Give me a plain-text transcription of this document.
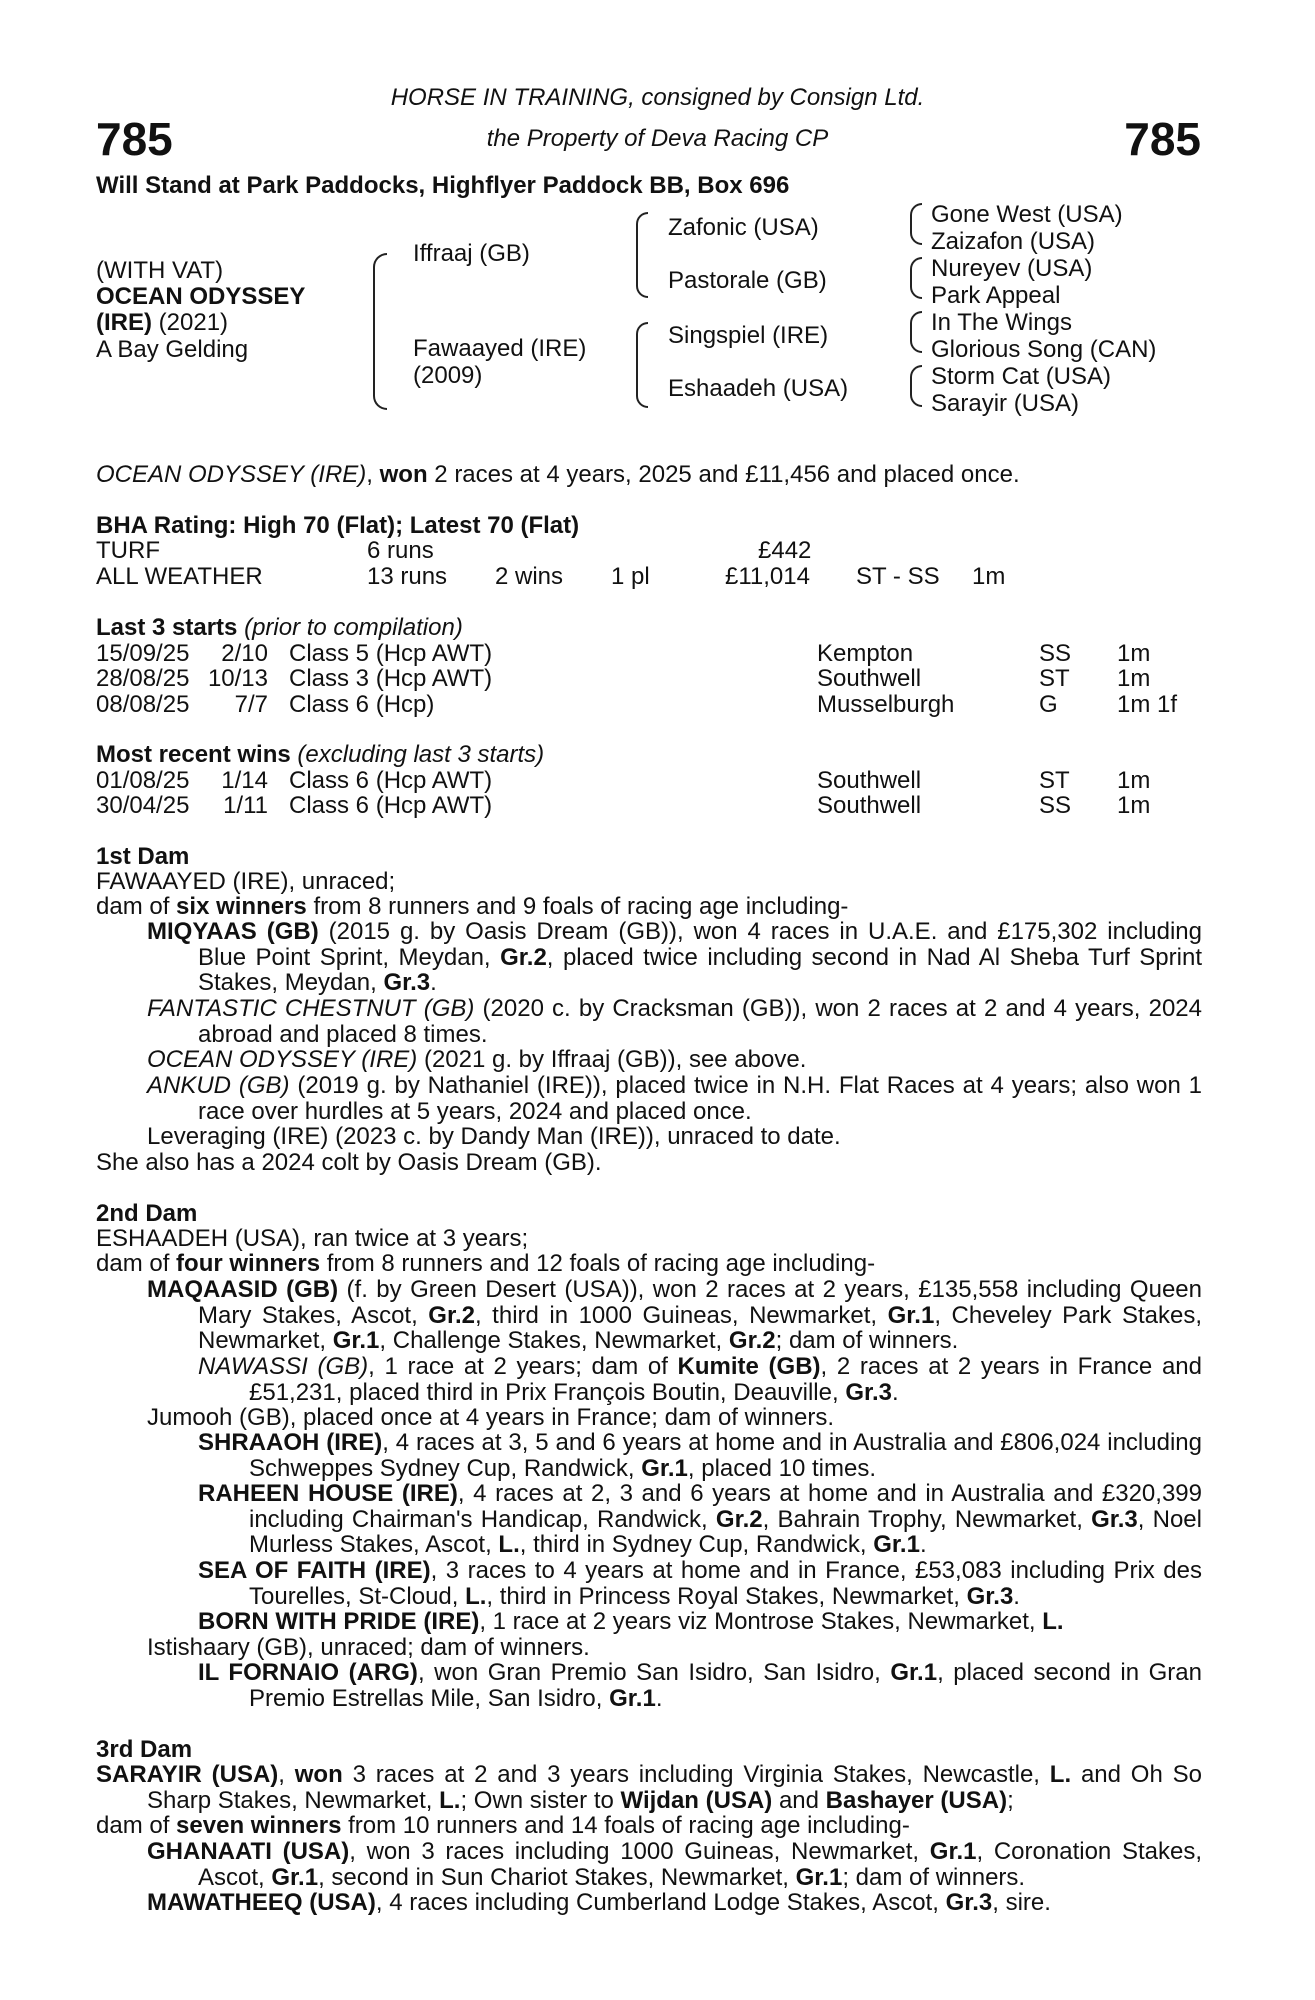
785	785
HORSE IN TRAINING, consigned by Consign Ltd.
the Property of Deva Racing CP
Will Stand at Park Paddocks, Highflyer Paddock BB, Box 696
(WITH VAT)
OCEAN ODYSSEY
(IRE) (2021)
A Bay Gelding
Iffraaj (GB)
Fawaayed (IRE)
(2009)
Zafonic (USA)
Pastorale (GB)
Singspiel (IRE)
Eshaadeh (USA)
Gone West (USA)
Zaizafon (USA)
Nureyev (USA)
Park Appeal
In The Wings
Glorious Song (CAN)
Storm Cat (USA)
Sarayir (USA)
OCEAN ODYSSEY (IRE), won 2 races at 4 years, 2025 and £11,456 and placed once.
BHA Rating: High 70 (Flat); Latest 70 (Flat)
TURF	6 runs	£442
ALL WEATHER	13 runs 2 wins 1 pl	£11,014 ST - SS 1m
Last 3 starts (prior to compilation)
15/09/25 2/10 Class 5 (Hcp AWT)	Kempton	SS 1m
28/08/25 10/13 Class 3 (Hcp AWT)	Southwell	ST 1m
08/08/25	7/7 Class 6 (Hcp)	Musselburgh	G 1m 1f
Most recent wins (excluding last 3 starts)
01/08/25 1/14 Class 6 (Hcp AWT)	Southwell	ST 1m
30/04/25 1/11 Class 6 (Hcp AWT)	Southwell	SS 1m
1st Dam
FAWAAYED (IRE), unraced;
dam of six winners from 8 runners and 9 foals of racing age including-
MIQYAAS (GB) (2015 g. by Oasis Dream (GB)), won 4 races in U.A.E. and £175,302 including Blue Point Sprint, Meydan, Gr.2, placed twice including second in Nad Al Sheba Turf Sprint Stakes, Meydan, Gr.3.
FANTASTIC CHESTNUT (GB) (2020 c. by Cracksman (GB)), won 2 races at 2 and 4 years, 2024 abroad and placed 8 times.
OCEAN ODYSSEY (IRE) (2021 g. by Iffraaj (GB)), see above.
ANKUD (GB) (2019 g. by Nathaniel (IRE)), placed twice in N.H. Flat Races at 4 years; also won 1 race over hurdles at 5 years, 2024 and placed once.
Leveraging (IRE) (2023 c. by Dandy Man (IRE)), unraced to date.
She also has a 2024 colt by Oasis Dream (GB).
2nd Dam
ESHAADEH (USA), ran twice at 3 years;
dam of four winners from 8 runners and 12 foals of racing age including-
MAQAASID (GB) (f. by Green Desert (USA)), won 2 races at 2 years, £135,558 including Queen Mary Stakes, Ascot, Gr.2, third in 1000 Guineas, Newmarket, Gr.1, Cheveley Park Stakes, Newmarket, Gr.1, Challenge Stakes, Newmarket, Gr.2; dam of winners.
NAWASSI (GB), 1 race at 2 years; dam of Kumite (GB), 2 races at 2 years in France and £51,231, placed third in Prix François Boutin, Deauville, Gr.3.
Jumooh (GB), placed once at 4 years in France; dam of winners.
SHRAAOH (IRE), 4 races at 3, 5 and 6 years at home and in Australia and £806,024 including Schweppes Sydney Cup, Randwick, Gr.1, placed 10 times.
RAHEEN HOUSE (IRE), 4 races at 2, 3 and 6 years at home and in Australia and £320,399 including Chairman's Handicap, Randwick, Gr.2, Bahrain Trophy, Newmarket, Gr.3, Noel Murless Stakes, Ascot, L., third in Sydney Cup, Randwick, Gr.1.
SEA OF FAITH (IRE), 3 races to 4 years at home and in France, £53,083 including Prix des Tourelles, St-Cloud, L., third in Princess Royal Stakes, Newmarket, Gr.3.
BORN WITH PRIDE (IRE), 1 race at 2 years viz Montrose Stakes, Newmarket, L.
Istishaary (GB), unraced; dam of winners.
IL FORNAIO (ARG), won Gran Premio San Isidro, San Isidro, Gr.1, placed second in Gran Premio Estrellas Mile, San Isidro, Gr.1.
3rd Dam
SARAYIR (USA), won 3 races at 2 and 3 years including Virginia Stakes, Newcastle, L. and Oh So Sharp Stakes, Newmarket, L.; Own sister to Wijdan (USA) and Bashayer (USA);
dam of seven winners from 10 runners and 14 foals of racing age including-
GHANAATI (USA), won 3 races including 1000 Guineas, Newmarket, Gr.1, Coronation Stakes, Ascot, Gr.1, second in Sun Chariot Stakes, Newmarket, Gr.1; dam of winners.
MAWATHEEQ (USA), 4 races including Cumberland Lodge Stakes, Ascot, Gr.3, sire.
